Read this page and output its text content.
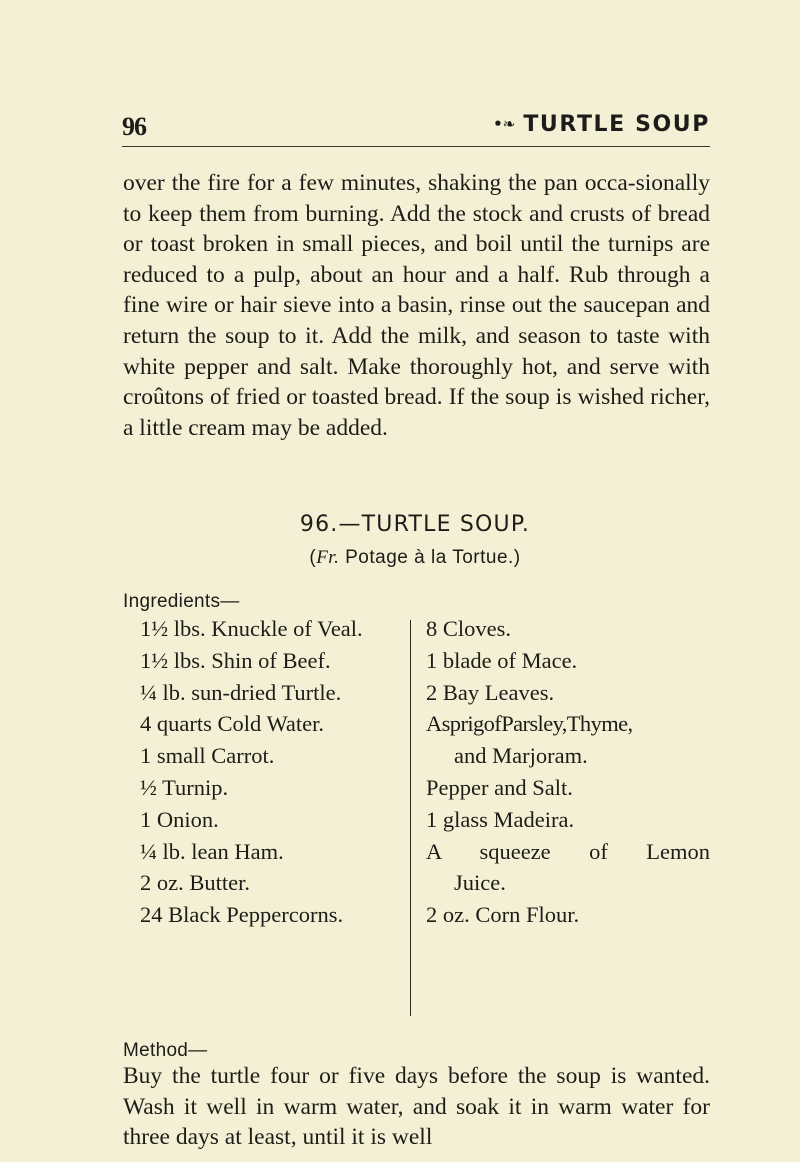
96	•❧ TURTLE SOUP

over the fire for a few minutes, shaking the pan occa-sionally to keep them from burning. Add the stock and crusts of bread or toast broken in small pieces, and boil until the turnips are reduced to a pulp, about an hour and a half. Rub through a fine wire or hair sieve into a basin, rinse out the saucepan and return the soup to it. Add the milk, and season to taste with white pepper and salt. Make thoroughly hot, and serve with croûtons of fried or toasted bread. If the soup is wished richer, a little cream may be added.

96.—TURTLE SOUP.
(Fr. Potage à la Tortue.)
Ingredients—
1½ lbs. Knuckle of Veal.
1½ lbs. Shin of Beef.
¼ lb. sun-dried Turtle.
4 quarts Cold Water.
1 small Carrot.
½ Turnip.
1 Onion.
¼ lb. lean Ham.
2 oz. Butter.
24 Black Peppercorns.
8 Cloves.
1 blade of Mace.
2 Bay Leaves.
AsprigofParsley,Thyme,
and Marjoram.
Pepper and Salt.
1 glass Madeira.
A squeeze of Lemon
Juice.
2 oz. Corn Flour.
Method—

Buy the turtle four or five days before the soup is wanted. Wash it well in warm water, and soak it in warm water for three days at least, until it is well
